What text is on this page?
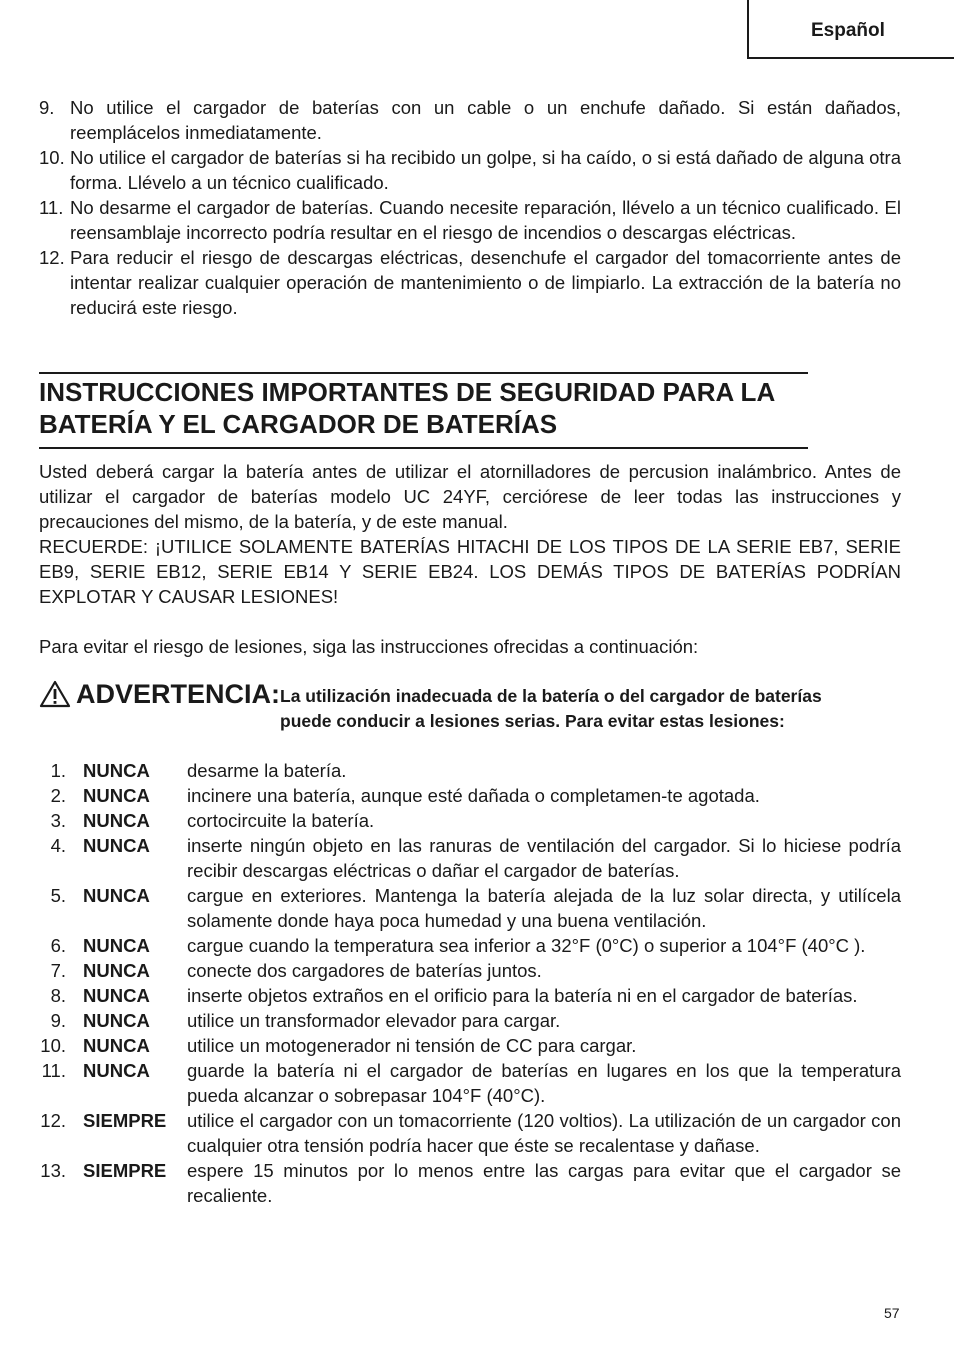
Español
9. No utilice el cargador de baterías con un cable o un enchufe dañado. Si están dañados, reemplácelos inmediatamente.
10. No utilice el cargador de baterías si ha recibido un golpe, si ha caído, o si está dañado de alguna otra forma. Llévelo a un técnico cualificado.
11. No desarme el cargador de baterías. Cuando necesite reparación, llévelo a un técnico cualificado. El reensamblaje incorrecto podría resultar en el riesgo de incendios o descargas eléctricas.
12. Para reducir el riesgo de descargas eléctricas, desenchufe el cargador del tomacorriente antes de intentar realizar cualquier operación de mantenimiento o de limpiarlo. La extracción de la batería no reducirá este riesgo.
INSTRUCCIONES IMPORTANTES DE SEGURIDAD PARA LA
BATERÍA Y EL CARGADOR DE BATERÍAS

Usted deberá cargar la batería antes de utilizar el atornilladores de percusion inalámbrico. Antes de utilizar el cargador de baterías modelo UC 24YF, cerciórese de leer todas las instrucciones y precauciones del mismo, de la batería, y de este manual.

RECUERDE: ¡UTILICE SOLAMENTE BATERÍAS HITACHI DE LOS TIPOS DE LA SERIE EB7, SERIE EB9, SERIE EB12, SERIE EB14 Y SERIE EB24. LOS DEMÁS TIPOS DE BATERÍAS PODRÍAN EXPLOTAR Y CAUSAR LESIONES!

Para evitar el riesgo de lesiones, siga las instrucciones ofrecidas a continuación:

ADVERTENCIA: La utilización inadecuada de la batería o del cargador de baterías
puede conducir a lesiones serias. Para evitar estas lesiones:
1. NUNCA	desarme la batería.
2. NUNCA	incinere una batería, aunque esté dañada o completamen-te agotada.
3. NUNCA	cortocircuite la batería.
4. NUNCA	inserte ningún objeto en las ranuras de ventilación del cargador. Si lo hiciese podría recibir descargas eléctricas o dañar el cargador de baterías.
5. NUNCA	cargue en exteriores. Mantenga la batería alejada de la luz solar directa, y utilícela solamente donde haya poca humedad y una buena ventilación.
6. NUNCA	cargue cuando la temperatura sea inferior a 32°F (0°C) o superior a 104°F (40°C ).
7. NUNCA	conecte dos cargadores de baterías juntos.
8. NUNCA	inserte objetos extraños en el orificio para la batería ni en el cargador de baterías.
9. NUNCA	utilice un transformador elevador para cargar.
10. NUNCA	utilice un motogenerador ni tensión de CC para cargar.
11. NUNCA	guarde la batería ni el cargador de baterías en lugares en los que la temperatura pueda alcanzar o sobrepasar 104°F (40°C).
12. SIEMPRE	utilice el cargador con un tomacorriente (120 voltios). La utilización de un cargador con cualquier otra tensión podría hacer que éste se recalentase y dañase.
13. SIEMPRE	espere 15 minutos por lo menos entre las cargas para evitar que el cargador se recaliente.
57
